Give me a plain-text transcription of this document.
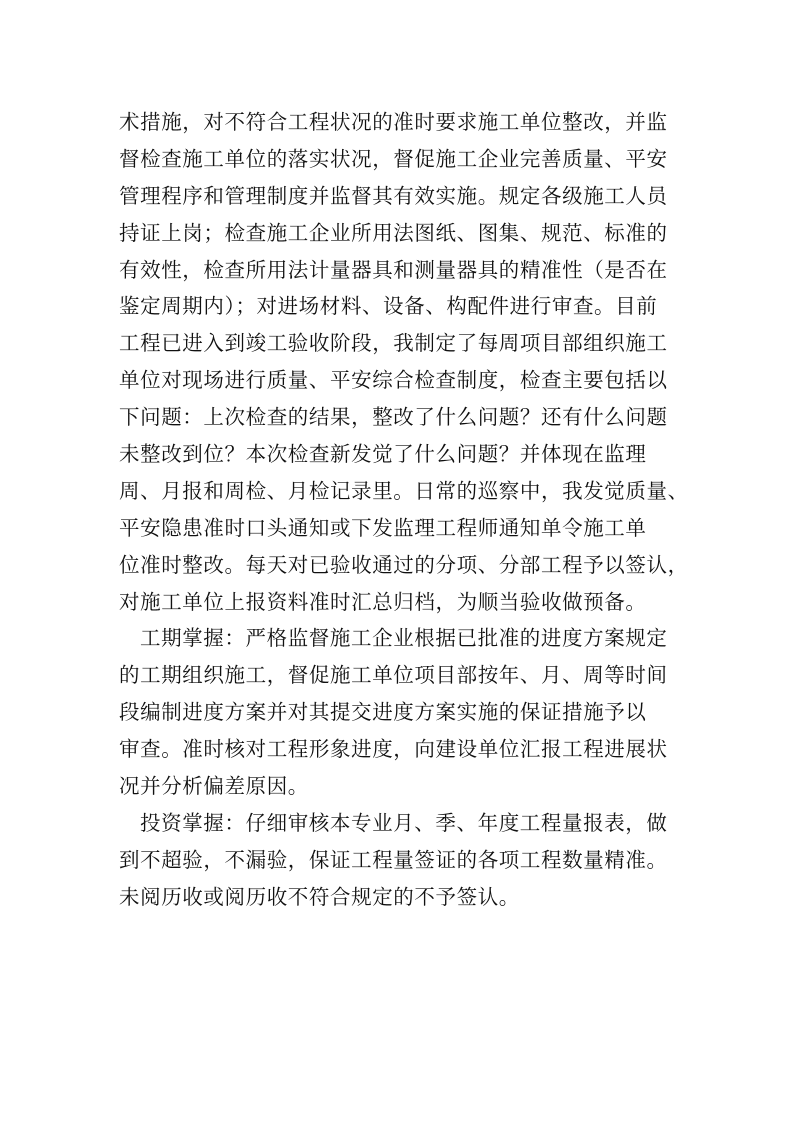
术措施，对不符合工程状况的准时要求施工单位整改，并监
督检查施工单位的落实状况，督促施工企业完善质量、平安
管理程序和管理制度并监督其有效实施。规定各级施工人员
持证上岗；检查施工企业所用法图纸、图集、规范、标准的
有效性，检查所用法计量器具和测量器具的精准性（是否在
鉴定周期内）；对进场材料、设备、构配件进行审查。目前
工程已进入到竣工验收阶段，我制定了每周项目部组织施工
单位对现场进行质量、平安综合检查制度，检查主要包括以
下问题：上次检查的结果，整改了什么问题？还有什么问题
未整改到位？本次检查新发觉了什么问题？并体现在监理
周、月报和周检、月检记录里。日常的巡察中，我发觉质量、
平安隐患准时口头通知或下发监理工程师通知单令施工单
位准时整改。每天对已验收通过的分项、分部工程予以签认，
对施工单位上报资料准时汇总归档，为顺当验收做预备。
工期掌握：严格监督施工企业根据已批准的进度方案规定
的工期组织施工，督促施工单位项目部按年、月、周等时间
段编制进度方案并对其提交进度方案实施的保证措施予以
审查。准时核对工程形象进度，向建设单位汇报工程进展状
况并分析偏差原因。
投资掌握：仔细审核本专业月、季、年度工程量报表，做
到不超验，不漏验，保证工程量签证的各项工程数量精准。
未阅历收或阅历收不符合规定的不予签认。
